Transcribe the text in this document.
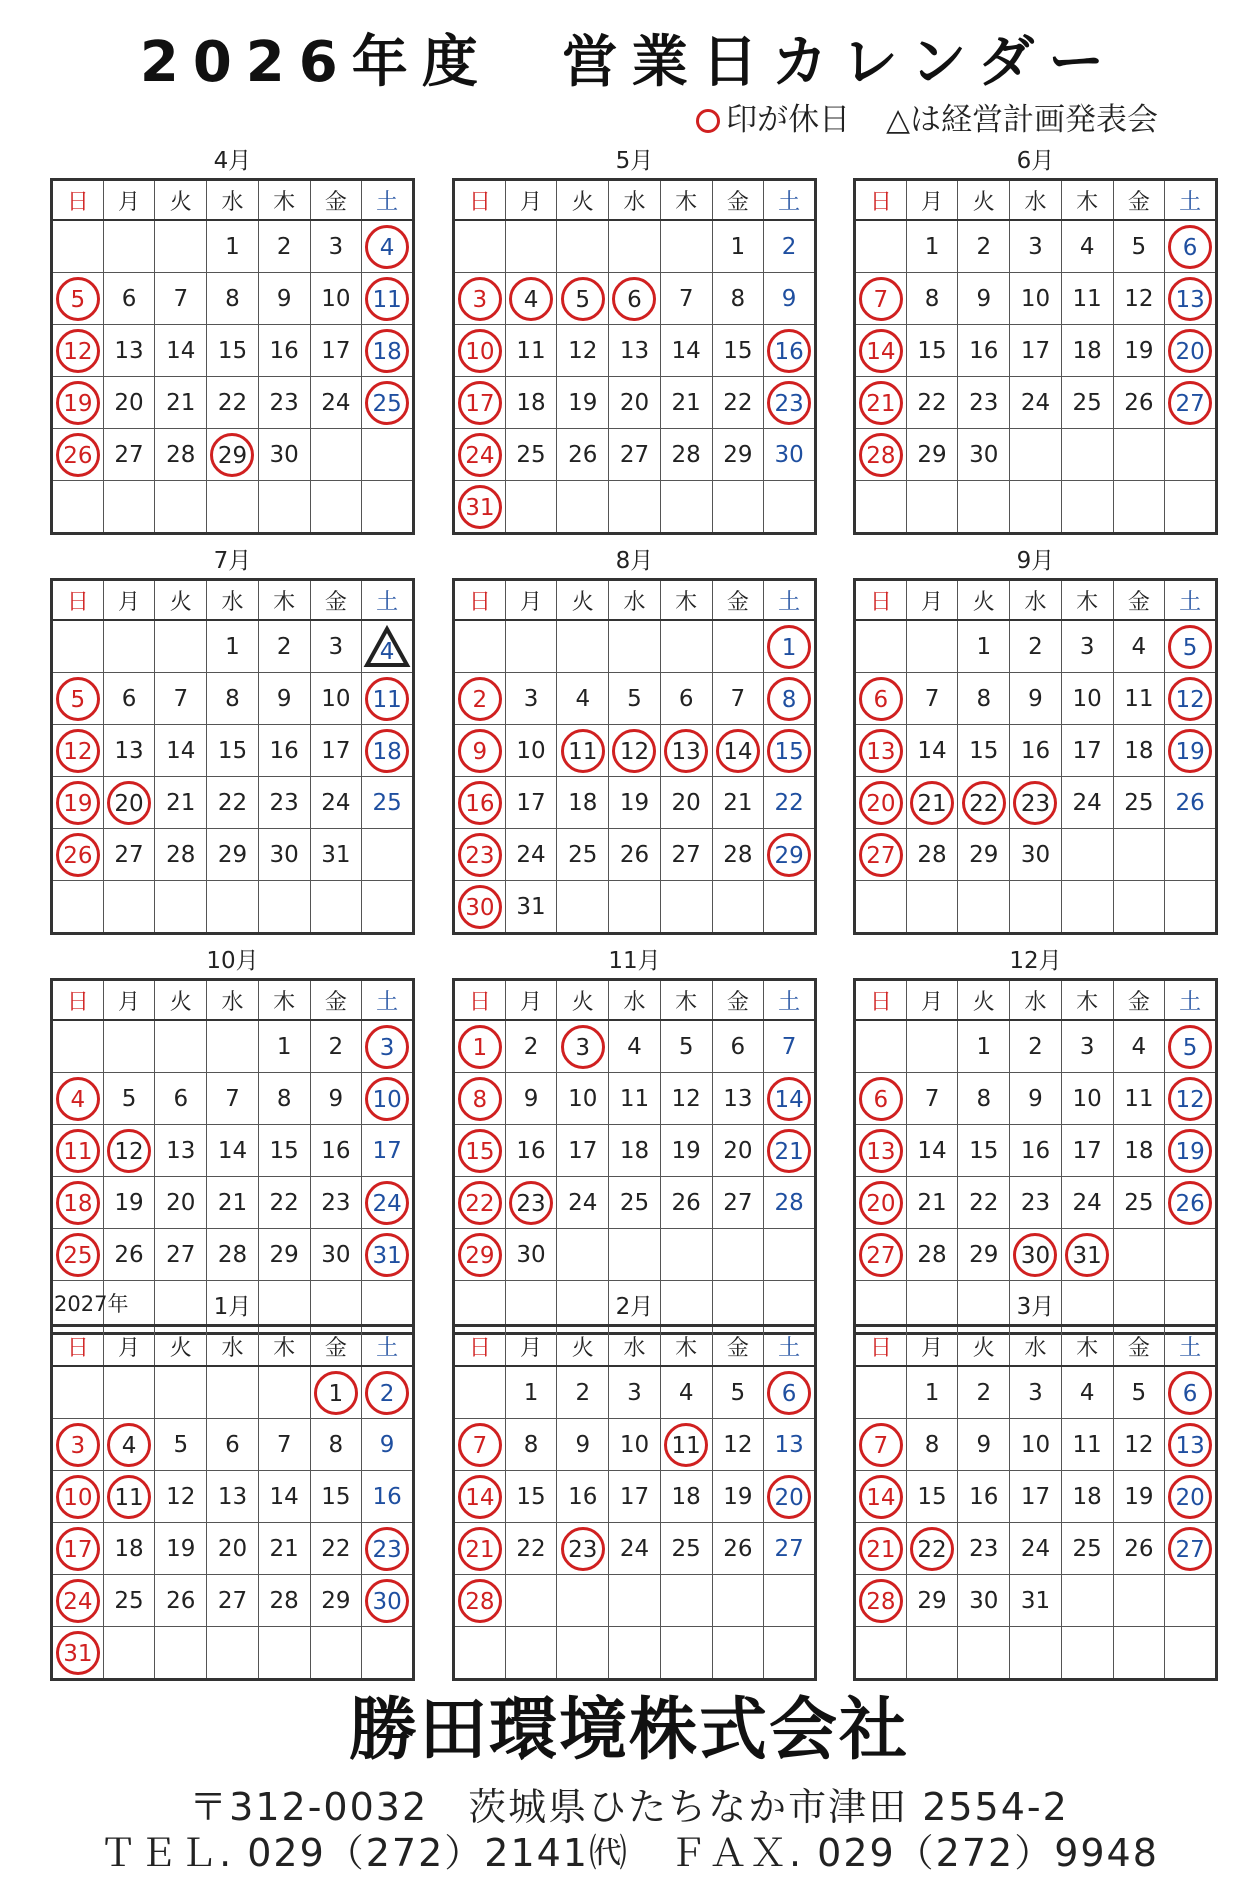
2026年度　営業日カレンダー
印が休日 △は経営計画発表会
4月
日	月	火	水	木	金	土
			1	2	3	4
5	6	7	8	9	10	11
12	13	14	15	16	17	18
19	20	21	22	23	24	25
26	27	28	29	30		

5月
日	月	火	水	木	金	土
					1	2
3	4	5	6	7	8	9
10	11	12	13	14	15	16
17	18	19	20	21	22	23
24	25	26	27	28	29	30
31						
6月
日	月	火	水	木	金	土
	1	2	3	4	5	6
7	8	9	10	11	12	13
14	15	16	17	18	19	20
21	22	23	24	25	26	27
28	29	30				

7月
日	月	火	水	木	金	土
			1	2	3	4

5	6	7	8	9	10	11
12	13	14	15	16	17	18
19	20	21	22	23	24	25
26	27	28	29	30	31	

8月
日	月	火	水	木	金	土
						1
2	3	4	5	6	7	8
9	10	11	12	13	14	15
16	17	18	19	20	21	22
23	24	25	26	27	28	29
30	31					
9月
日	月	火	水	木	金	土
		1	2	3	4	5
6	7	8	9	10	11	12
13	14	15	16	17	18	19
20	21	22	23	24	25	26
27	28	29	30			

10月
日	月	火	水	木	金	土
				1	2	3
4	5	6	7	8	9	10
11	12	13	14	15	16	17
18	19	20	21	22	23	24
25	26	27	28	29	30	31

11月
日	月	火	水	木	金	土
1	2	3	4	5	6	7
8	9	10	11	12	13	14
15	16	17	18	19	20	21
22	23	24	25	26	27	28
29	30					

12月
日	月	火	水	木	金	土
		1	2	3	4	5
6	7	8	9	10	11	12
13	14	15	16	17	18	19
20	21	22	23	24	25	26
27	28	29	30	31		

1月
2027年
日	月	火	水	木	金	土
					1	2
3	4	5	6	7	8	9
10	11	12	13	14	15	16
17	18	19	20	21	22	23
24	25	26	27	28	29	30
31						
2月
日	月	火	水	木	金	土
	1	2	3	4	5	6
7	8	9	10	11	12	13
14	15	16	17	18	19	20
21	22	23	24	25	26	27
28						

3月
日	月	火	水	木	金	土
	1	2	3	4	5	6
7	8	9	10	11	12	13
14	15	16	17	18	19	20
21	22	23	24	25	26	27
28	29	30	31			

勝田環境株式会社
〒312-0032　茨城県ひたちなか市津田 2554-2
ＴＥＬ. 029（272）2141㈹　ＦＡＸ. 029（272）9948
